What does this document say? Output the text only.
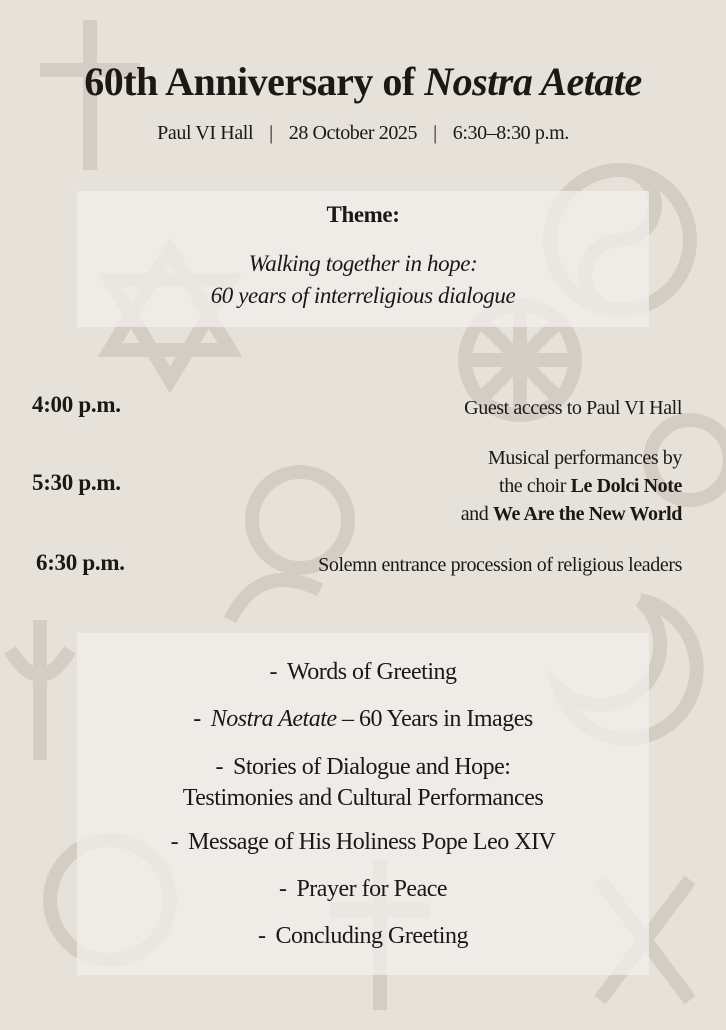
60th Anniversary of Nostra Aetate
Paul VI Hall | 28 October 2025 | 6:30–8:30 p.m.
Theme:
Walking together in hope:
60 years of interreligious dialogue
4:00 p.m.	Guest access to Paul VI Hall
5:30 p.m.
Musical performances by
the choir Le Dolci Note
and We Are the New World
6:30 p.m.	Solemn entrance procession of religious leaders
- Words of Greeting
- Nostra Aetate – 60 Years in Images
- Stories of Dialogue and Hope:
Testimonies and Cultural Performances
- Message of His Holiness Pope Leo XIV
- Prayer for Peace
- Concluding Greeting
